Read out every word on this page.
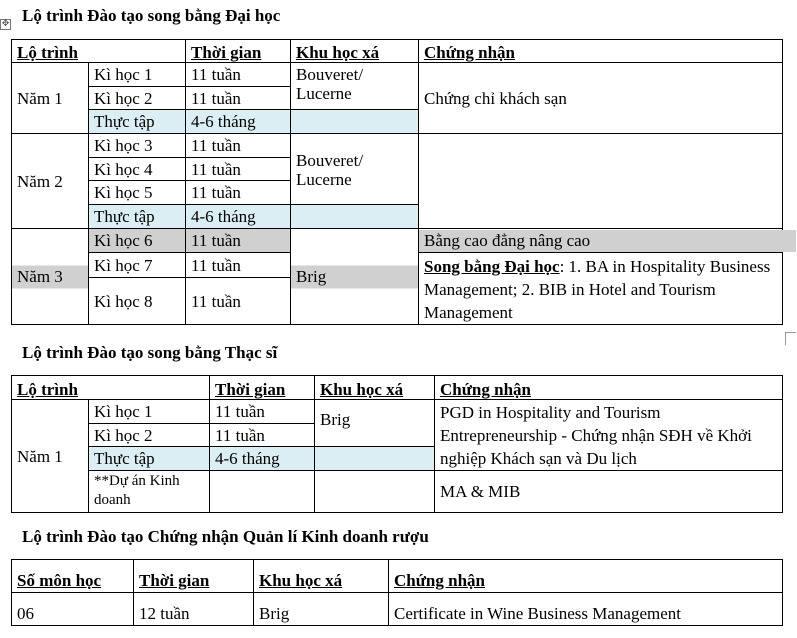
✥ Lộ trình Đào tạo song bằng Đại học
Lộ trình		Thời gian	Khu học xá	Chứng nhận
Năm 1	Kì học 1	11 tuần	Bouveret/ Lucerne	Chứng chỉ khách sạn
	Kì học 2	11 tuần		
	Thực tập	4-6 tháng		
Năm 2	Kì học 3	11 tuần	Bouveret/ Lucerne	
	Kì học 4	11 tuần		
	Kì học 5	11 tuần		
	Thực tập	4-6 tháng		

Năm 3	Kì học 6	11 tuần	Brig	Bằng cao đẳng nâng cao
	Kì học 7	11 tuần		Song bằng Đại học: 1. BA in Hospitality Business Management; 2. BIB in Hotel and Tourism Management
	Kì học 8	11 tuần		
Lộ trình Đào tạo song bằng Thạc sĩ
Lộ trình		Thời gian	Khu học xá	Chứng nhận
Năm 1	Kì học 1	11 tuần	Brig	PGD in Hospitality and Tourism Entrepreneurship - Chứng nhận SĐH về Khởi nghiệp Khách sạn và Du lịch
	Kì học 2	11 tuần		
	Thực tập	4-6 tháng		
	**Dự án Kinh doanh			MA & MIB
Lộ trình Đào tạo Chứng nhận Quản lí Kinh doanh rượu
Số môn học	Thời gian	Khu học xá	Chứng nhận
06	12 tuần	Brig	Certificate in Wine Business Management
